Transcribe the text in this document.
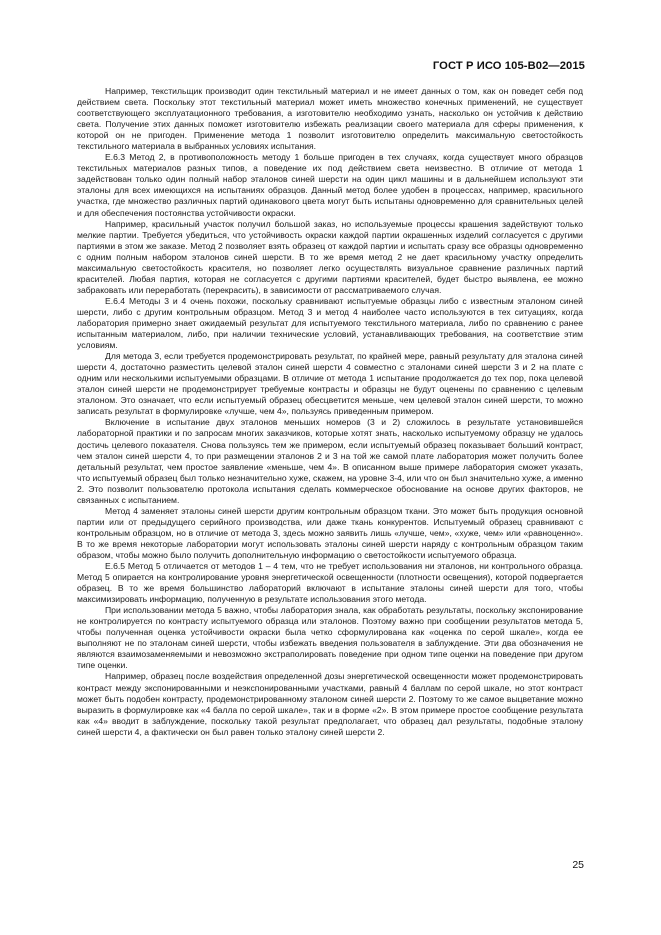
ГОСТ Р ИСО 105-В02—2015

Например, текстильщик производит один текстильный материал и не имеет данных о том, как он поведет себя под действием света. Поскольку этот текстильный материал может иметь множество конечных применений, не существует соответствующего эксплуатационного требования, а изготовителю необходимо узнать, насколько он устойчив к действию света. Получение этих данных поможет изготовителю избежать реализации своего материала для сферы применения, к которой он не пригоден. Применение метода 1 позволит изготовителю определить максимальную светостойкость текстильного материала в выбранных условиях испытания.

Е.6.3 Метод 2, в противоположность методу 1 больше пригоден в тех случаях, когда существует много образцов текстильных материалов разных типов, а поведение их под действием света неизвестно. В отличие от метода 1 задействован только один полный набор эталонов синей шерсти на один цикл машины и в дальнейшем используют эти эталоны для всех имеющихся на испытаниях образцов. Данный метод более удобен в процессах, например, красильного участка, где множество различных партий одинакового цвета могут быть испытаны одновременно для сравнительных целей и для обеспечения постоянства устойчивости окраски.

Например, красильный участок получил большой заказ, но используемые процессы крашения задействуют только мелкие партии. Требуется убедиться, что устойчивость окраски каждой партии окрашенных изделий согласуется с другими партиями в этом же заказе. Метод 2 позволяет взять образец от каждой партии и испытать сразу все образцы одновременно с одним полным набором эталонов синей шерсти. В то же время метод 2 не дает красильному участку определить максимальную светостойкость красителя, но позволяет легко осуществлять визуальное сравнение различных партий красителей. Любая партия, которая не согласуется с другими партиями красителей, будет быстро выявлена, ее можно забраковать или переработать (перекрасить), в зависимости от рассматриваемого случая.

Е.6.4 Методы 3 и 4 очень похожи, поскольку сравнивают испытуемые образцы либо с известным эталоном синей шерсти, либо с другим контрольным образцом. Метод 3 и метод 4 наиболее часто используются в тех ситуациях, когда лаборатория примерно знает ожидаемый результат для испытуемого текстильного материала, либо по сравнению с ранее испытанным материалом, либо, при наличии технические условий, устанавливающих требования, на соответствие этим условиям.

Для метода 3, если требуется продемонстрировать результат, по крайней мере, равный результату для эталона синей шерсти 4, достаточно разместить целевой эталон синей шерсти 4 совместно с эталонами синей шерсти 3 и 2 на плате с одним или несколькими испытуемыми образцами. В отличие от метода 1 испытание продолжается до тех пор, пока целевой эталон синей шерсти не продемонстрирует требуемые контрасты и образцы не будут оценены по сравнению с целевым эталоном. Это означает, что если испытуемый образец обесцветится меньше, чем целевой эталон синей шерсти, то можно записать результат в формулировке «лучше, чем 4», пользуясь приведенным примером.

Включение в испытание двух эталонов меньших номеров (3 и 2) сложилось в результате установившейся лабораторной практики и по запросам многих заказчиков, которые хотят знать, насколько испытуемому образцу не удалось достичь целевого показателя. Снова пользуясь тем же примером, если испытуемый образец показывает больший контраст, чем эталон синей шерсти 4, то при размещении эталонов 2 и 3 на той же самой плате лаборатория может получить более детальный результат, чем простое заявление «меньше, чем 4». В описанном выше примере лаборатория сможет указать, что испытуемый образец был только незначительно хуже, скажем, на уровне 3-4, или что он был значительно хуже, а именно 2. Это позволит пользователю протокола испытания сделать коммерческое обоснование на основе других факторов, не связанных с испытанием.

Метод 4 заменяет эталоны синей шерсти другим контрольным образцом ткани. Это может быть продукция основной партии или от предыдущего серийного производства, или даже ткань конкурентов. Испытуемый образец сравнивают с контрольным образцом, но в отличие от метода 3, здесь можно заявить лишь «лучше, чем», «хуже, чем» или «равноценно». В то же время некоторые лаборатории могут использовать эталоны синей шерсти наряду с контрольным образцом таким образом, чтобы можно было получить дополнительную информацию о светостойкости испытуемого образца.

Е.6.5 Метод 5 отличается от методов 1 – 4 тем, что не требует использования ни эталонов, ни контрольного образца. Метод 5 опирается на контролирование уровня энергетической освещенности (плотности освещения), которой подвергается образец. В то же время большинство лабораторий включают в испытание эталоны синей шерсти для того, чтобы максимизировать информацию, полученную в результате использования этого метода.

При использовании метода 5 важно, чтобы лаборатория знала, как обработать результаты, поскольку экспонирование не контролируется по контрасту испытуемого образца или эталонов. Поэтому важно при сообщении результатов метода 5, чтобы полученная оценка устойчивости окраски была четко сформулирована как «оценка по серой шкале», когда ее выполняют не по эталонам синей шерсти, чтобы избежать введения пользователя в заблуждение. Эти два обозначения не являются взаимозаменяемыми и невозможно экстраполировать поведение при одном типе оценки на поведение при другом типе оценки.

Например, образец после воздействия определенной дозы энергетической освещенности может продемонстрировать контраст между экспонированными и неэкспонированными участками, равный 4 баллам по серой шкале, но этот контраст может быть подобен контрасту, продемонстрированному эталоном синей шерсти 2. Поэтому то же самое выцветание можно выразить в формулировке как «4 балла по серой шкале», так и в форме «2». В этом примере простое сообщение результата как «4» вводит в заблуждение, поскольку такой результат предполагает, что образец дал результаты, подобные эталону синей шерсти 4, а фактически он был равен только эталону синей шерсти 2.

25
